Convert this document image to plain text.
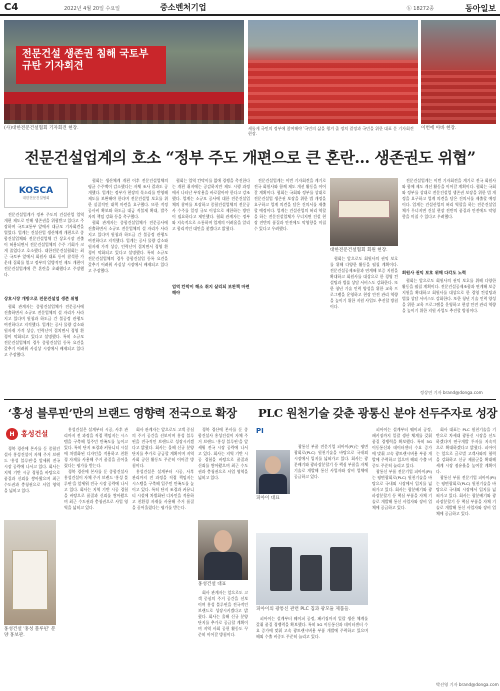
C4	2022년 4월 20일 수요일	중소벤처기업	ⓑ 18272종	동아일보
전문건설 생존권 침해 국토부 규탄 기자회견
(사)대한전문건설협회 기자회견 현장.	새롭게 국민의 정부에 참여해야 '국민의 삶을 챙겨 줄 정치 결정과 국민을 위한 대표 문 기자회견 현장.
이번에 아바 현장.
전문건설업계의 호소 “정부 주도 개편으로 큰 혼란… 생존권도 위협”
KOSCA
대한전문건설협회

전문건설업계가 정부 주도의 건설산업 업역개편 제도로 인해 생존권을 위협받고 있다고 주장하며 국토교통부 앞에서 대규모 기자회견을 열었다. 업계는 건설산업 생산체계 개편으로 종합건설업체와 전문건설업체 간 상호시장 진출이 허용되면서 전문건설업체의 수주 기회가 크게 줄었다고 호소했다. 대한전문건설협회는 최근 국토부 앞에서 회원사 대표 등이 참석한 가운데 집회를 열고 정부의 일방적인 제도 개편이 전문건설업계에 큰 혼란을 초래했다고 주장했다.

상호시장 개방으로 전문건설업 생존 위협

협회 관계자는 종합건설업체가 전문공사에 진출하면서 소규모 전문업체의 설 자리가 사라지고 있다며 원청과 하도급 간 불공정 관행도 여전하다고 지적했다. 업계는 공사 물량 감소와 원자재 가격 상승, 인력난이 겹치면서 경영 환경이 악화되고 있다고 설명했다. 특히 소규모 전문건설업체의 경우 종합건설업 등록 요건을 갖추기 어려워 사실상 시장에서 배제되고 있다고 주장했다.

협회는 생산체계 개편 이후 전문건설업체의 평균 수주액이 감소했다는 자체 조사 결과도 공개했다. 업계는 정부가 현장의 목소리를 반영해 제도를 보완해야 한다며 전문건설업 보호를 위한 실질적인 대책 마련을 요구했다. 또한 적정 공사비 확보와 하도급 대금 직불제 확대, 발주자의 책임 강화 등을 촉구했다.

협회 관계자는 종합건설업체가 전문공사에 진출하면서 소규모 전문업체의 설 자리가 사라지고 있다며 원청과 하도급 간 불공정 관행도 여전하다고 지적했다. 업계는 공사 물량 감소와 원자재 가격 상승, 인력난이 겹치면서 경영 환경이 악화되고 있다고 설명했다. 특히 소규모 전문건설업체의 경우 종합건설업 등록 요건을 갖추기 어려워 사실상 시장에서 배제되고 있다고 주장했다.

협회는 업역 칸막이를 없애 경쟁을 촉진한다는 개편 취지에는 공감하지만 제도 시행 과정에서 나타난 부작용을 바로잡아야 한다고 강조했다. 업계는 소규모 공사에 대한 전문건설업체의 참여를 보장하고 종합건설업체의 전문공사 수주를 일정 규모 이상으로 제한하는 방안이 필요하다고 제안했다. 협회 관계자는 정부와 지속적으로 소통하며 업계의 어려움을 알리고 합리적인 대안을 찾겠다고 밝혔다.

업역 칸막이 해소 취지 살리되 보완책 마련해야

전문건설업계는 이번 기자회견을 계기로 전국 회원사와 함께 제도 개선 활동을 이어갈 계획이다. 협회는 국회와 정부를 상대로 전문건설업 생존권 보장을 위한 법 개정을 요구하고 업계 의견을 담은 건의서를 제출할 예정이다. 업계는 건설산업의 허리 역할을 하는 전문건설업체가 무너지면 건설 현장 전반의 품질과 안전에도 악영향을 미칠 수 있다고 우려했다.

대한전문건설협회 회원 현장.

협회는 앞으로도 회원사의 권익 보호를 위해 다양한 활동을 펼칠 계획이다. 전문건설공제조합과 연계해 보증 지원을 확대하고 회원사를 대상으로 한 경영 컨설팅과 법률 상담 서비스도 강화한다. 또한 청년 기술 인력 양성을 위한 교육 프로그램을 운영하고 현장 안전 관리 역량을 높이기 위한 지원 사업도 추진할 방침이다.

회원사 권익 보호 위해 다각도 노력

전문건설업계는 이번 기자회견을 계기로 전국 회원사와 함께 제도 개선 활동을 이어갈 계획이다. 협회는 국회와 정부를 상대로 전문건설업 생존권 보장을 위한 법 개정을 요구하고 업계 의견을 담은 건의서를 제출할 예정이다. 업계는 건설산업의 허리 역할을 하는 전문건설업체가 무너지면 건설 현장 전반의 품질과 안전에도 악영향을 미칠 수 있다고 우려했다.

협회는 앞으로도 회원사의 권익 보호를 위해 다양한 활동을 펼칠 계획이다. 전문건설공제조합과 연계해 보증 지원을 확대하고 회원사를 대상으로 한 경영 컨설팅과 법률 상담 서비스도 강화한다. 또한 청년 기술 인력 양성을 위한 교육 프로그램을 운영하고 현장 안전 관리 역량을 높이기 위한 지원 사업도 추진할 방침이다.

정상연 기자 brand@donga.com
‘홍성 블루핀’만의 브랜드 영향력 전국으로 확장
H 홍성건설

경북 경산에 본사를 둔 종합건설사 홍성건설이 자체 주거 브랜드 '홍성 블루핀'을 앞세워 전국 시장 공략에 나서고 있다. 회사는 지역 기반 시공 경험을 바탕으로 품질과 신뢰를 쌓아왔으며 최근 수도권과 충청권으로 사업 영역을 넓히고 있다.

홍성건설은 설계부터 시공, 사후 관리까지 전 과정을 직접 책임지는 시스템을 구축해 입주민 만족도를 높이고 있다. 특히 단지 조경과 커뮤니티 시설에 차별화된 디자인을 적용하고 친환경 자재를 사용해 주거 품질을 끌어올렸다는 평가를 받는다.

경북 경산에 본사를 둔 종합건설사 홍성건설이 자체 주거 브랜드 '홍성 블루핀'을 앞세워 전국 시장 공략에 나서고 있다. 회사는 지역 기반 시공 경험을 바탕으로 품질과 신뢰를 쌓아왔으며 최근 수도권과 충청권으로 사업 영역을 넓히고 있다.

회사 관계자는 앞으로도 고객 중심의 주거 공간을 선보이며 홍성 블루핀을 전국적인 브랜드로 성장시키겠다고 밝혔다. 회사는 올해 신규 분양 단지를 추가로 공급할 계획이며 지역 사회 공헌 활동도 꾸준히 이어갈 방침이다.

홍성건설은 설계부터 시공, 사후 관리까지 전 과정을 직접 책임지는 시스템을 구축해 입주민 만족도를 높이고 있다. 특히 단지 조경과 커뮤니티 시설에 차별화된 디자인을 적용하고 친환경 자재를 사용해 주거 품질을 끌어올렸다는 평가를 받는다.

경북 경산에 본사를 둔 종합건설사 홍성건설이 자체 주거 브랜드 '홍성 블루핀'을 앞세워 전국 시장 공략에 나서고 있다. 회사는 지역 기반 시공 경험을 바탕으로 품질과 신뢰를 쌓아왔으며 최근 수도권과 충청권으로 사업 영역을 넓히고 있다.

홍성건설 '홍성 블루핀' 분양 홍보관.
홍성건설 대표

회사 관계자는 앞으로도 고객 중심의 주거 공간을 선보이며 홍성 블루핀을 전국적인 브랜드로 성장시키겠다고 밝혔다. 회사는 올해 신규 분양 단지를 추가로 공급할 계획이며 지역 사회 공헌 활동도 꾸준히 이어갈 방침이다.

PLC 원천기술 갖춘 광통신 분야 선두주자로 성장
PI
피아이 대표

광통신 부품 전문기업 피아이(PI)는 평면광회로(PLC) 원천기술을 바탕으로 국내외 시장에서 입지를 넓혀가고 있다. 회사는 광분배기와 광파장분할기 등 핵심 부품을 자체 기술로 개발해 통신 사업자와 장비 업체에 공급하고 있다.

피아이의 광통신 관련 PLC 칩과 광모듈 제품들.

피아이는 설계부터 웨이퍼 공정, 패키징까지 일괄 생산 체계를 갖춰 품질 경쟁력을 확보했다. 특히 5G 이동통신과 데이터센터 수요 증가에 맞춰 고속 광트랜시버용 부품 개발에 주력하고 있으며 해외 수출 비중도 꾸준히 늘리고 있다.

피아이는 설계부터 웨이퍼 공정, 패키징까지 일괄 생산 체계를 갖춰 품질 경쟁력을 확보했다. 특히 5G 이동통신과 데이터센터 수요 증가에 맞춰 고속 광트랜시버용 부품 개발에 주력하고 있으며 해외 수출 비중도 꾸준히 늘리고 있다.

광통신 부품 전문기업 피아이(PI)는 평면광회로(PLC) 원천기술을 바탕으로 국내외 시장에서 입지를 넓혀가고 있다. 회사는 광분배기와 광파장분할기 등 핵심 부품을 자체 기술로 개발해 통신 사업자와 장비 업체에 공급하고 있다.

회사 대표는 PLC 원천기술을 기반으로 차세대 광통신 시장을 선도하겠다며 연구개발 투자를 지속적으로 확대하겠다고 밝혔다. 피아이는 앞으로 글로벌 고객사와의 협력을 강화하고 신규 제품군을 확대해 세계 시장 점유율을 높여갈 계획이다.

광통신 부품 전문기업 피아이(PI)는 평면광회로(PLC) 원천기술을 바탕으로 국내외 시장에서 입지를 넓혀가고 있다. 회사는 광분배기와 광파장분할기 등 핵심 부품을 자체 기술로 개발해 통신 사업자와 장비 업체에 공급하고 있다.

박선영 기자 brand@donga.com
